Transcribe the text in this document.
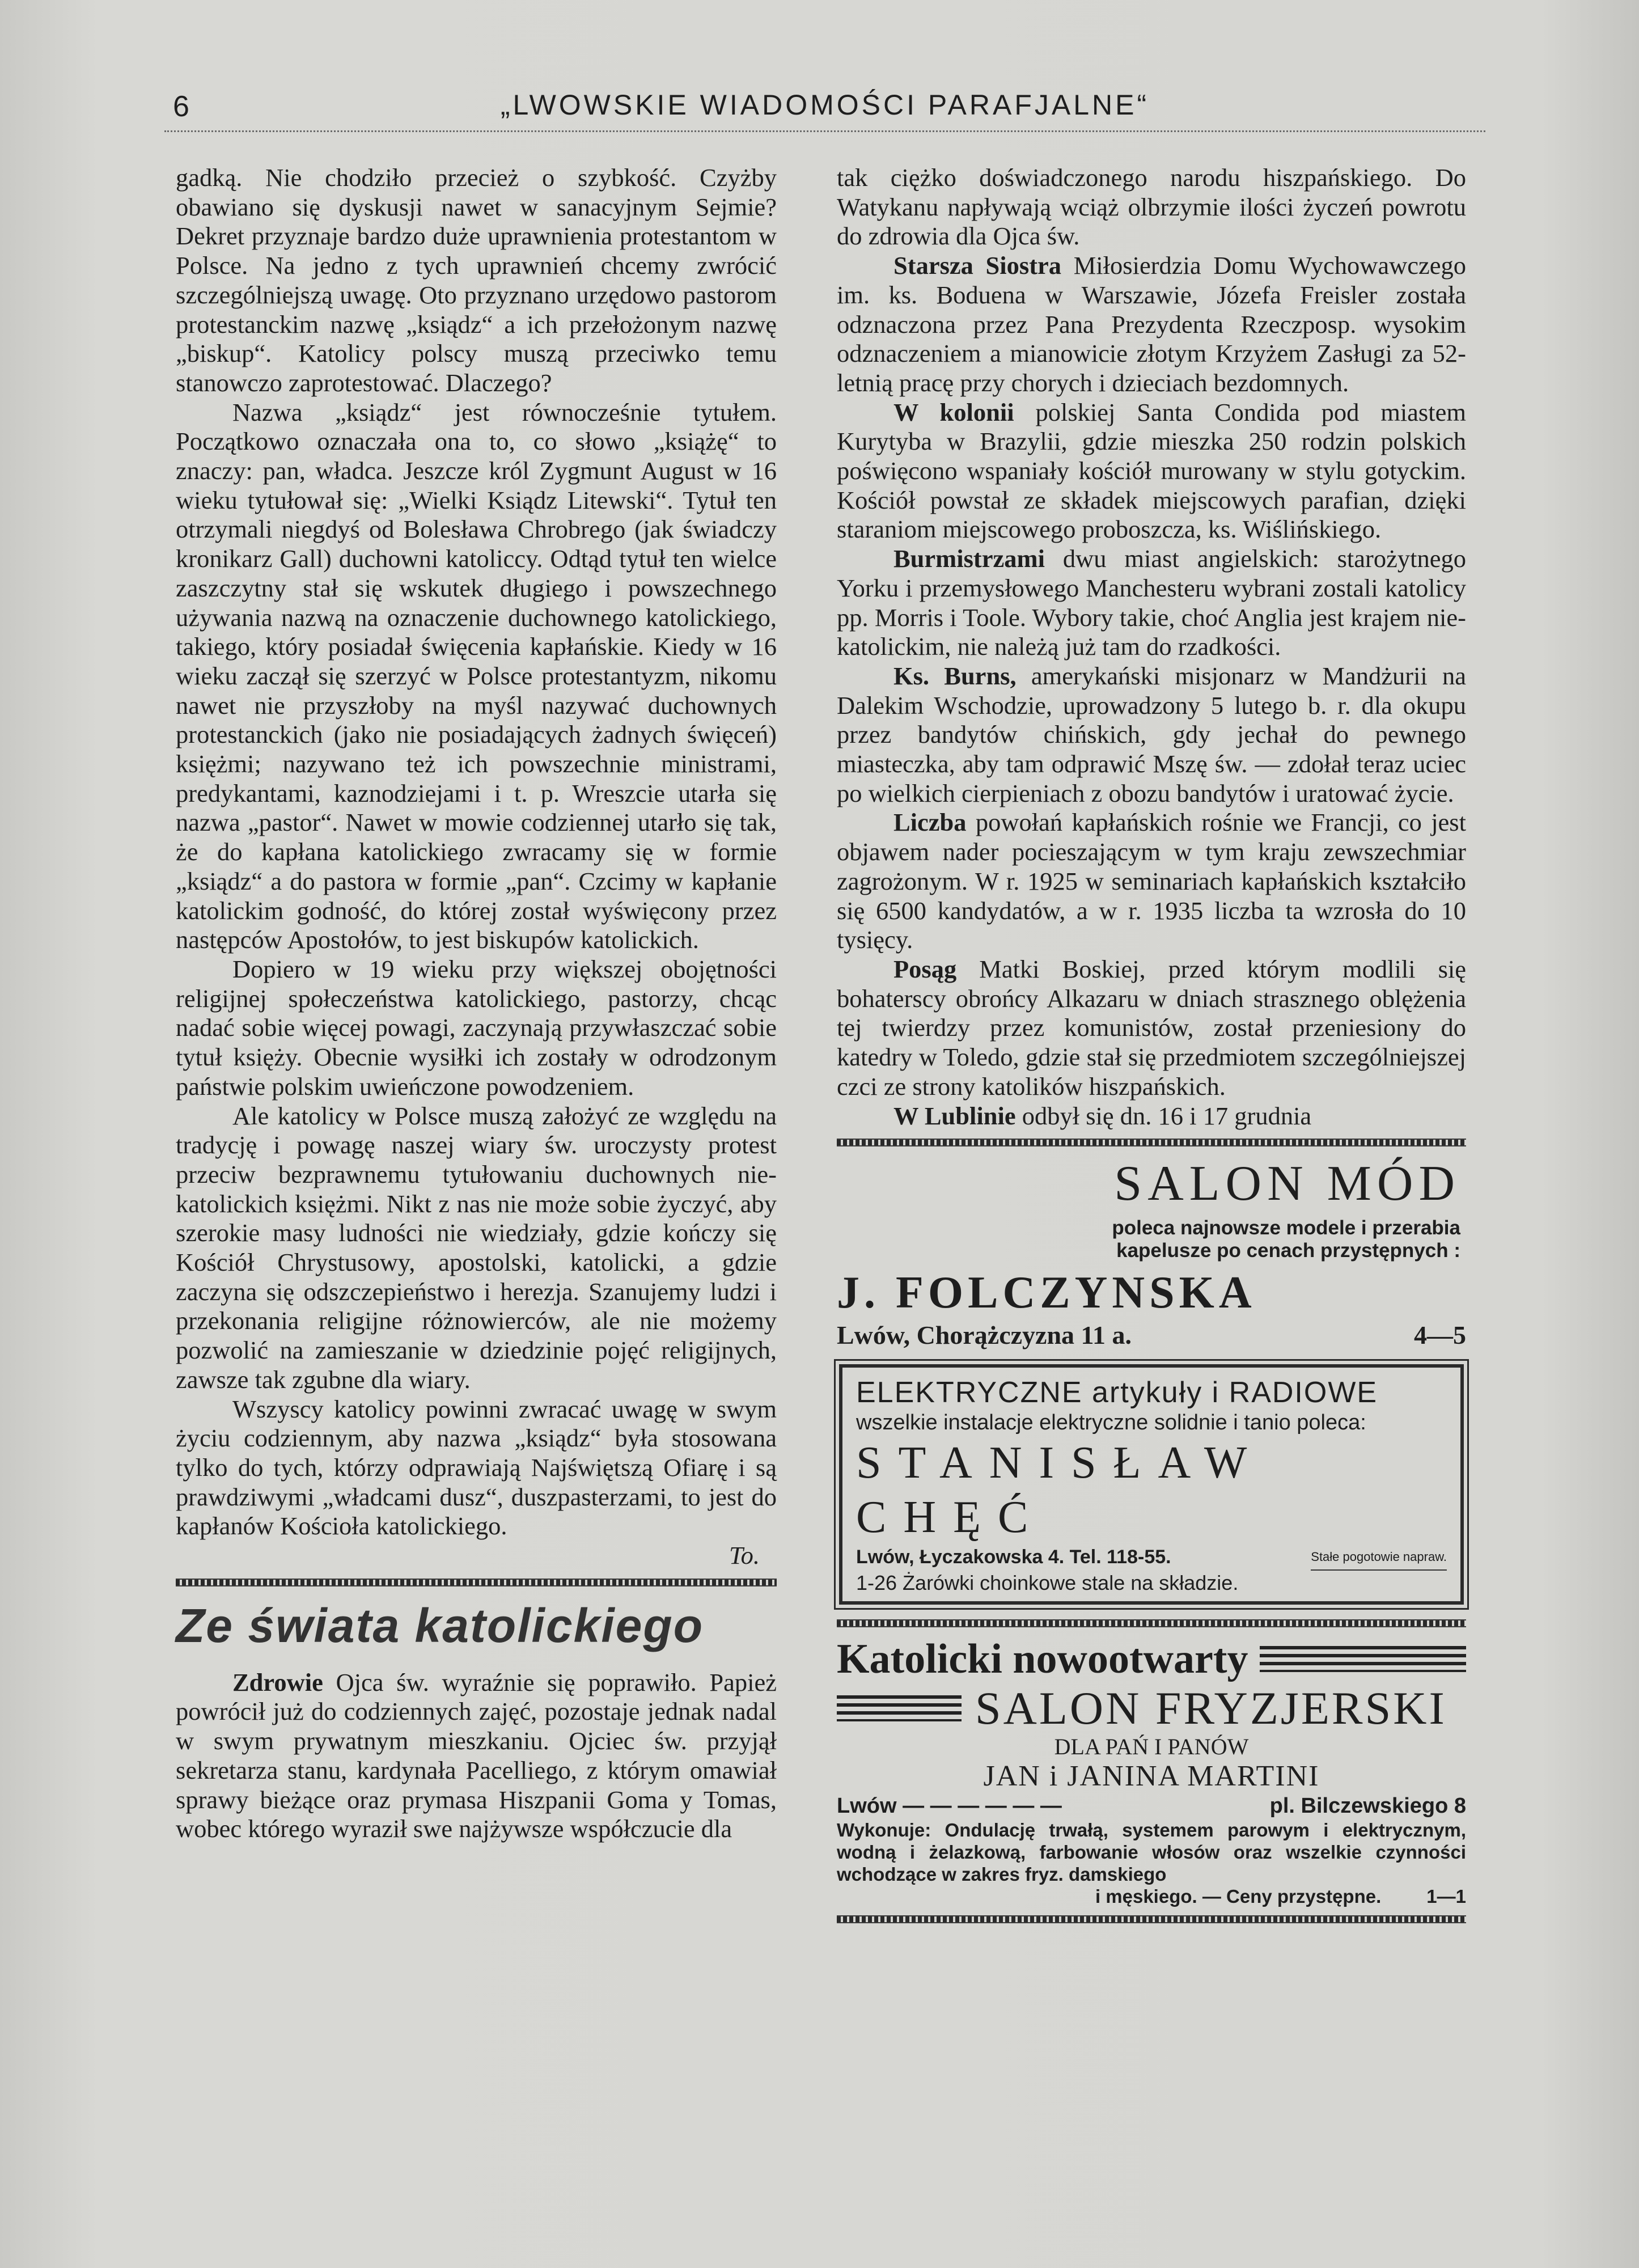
6	„LWOWSKIE WIADOMOŚCI PARAFJALNE“

gadką. Nie chodziło przecież o szybkość. Czyżby obawiano się dyskusji nawet w sanacyjnym Sejmie? Dekret przyznaje bardzo duże uprawnienia protestantom w Polsce. Na jedno z tych uprawnień chcemy zwrócić szczególniejszą uwagę. Oto przyznano urzędowo pastorom protestanckim nazwę „ksiądz“ a ich przełożonym nazwę „biskup“. Katolicy polscy muszą przeciwko temu stanowczo zaprotestować. Dlaczego?

Nazwa „ksiądz“ jest równocześnie tytułem. Początkowo oznaczała ona to, co słowo „książę“ to znaczy: pan, władca. Jeszcze król Zygmunt August w 16 wieku tytułował się: „Wielki Ksiądz Litewski“. Tytuł ten otrzymali niegdyś od Bolesława Chrobrego (jak świadczy kronikarz Gall) duchowni katoliccy. Odtąd tytuł ten wielce zaszczytny stał się wskutek długiego i powszechnego używania nazwą na oznaczenie duchownego katolickiego, takiego, który posiadał święcenia kapłańskie. Kiedy w 16 wieku zaczął się szerzyć w Polsce protestantyzm, nikomu nawet nie przyszłoby na myśl nazywać duchownych protestanckich (jako nie posiadających żadnych święceń) księżmi; nazywano też ich powszechnie ministrami, predykantami, kaznodziejami i t. p. Wreszcie utarła się nazwa „pastor“. Nawet w mowie codziennej utarło się tak, że do kapłana katolickiego zwracamy się w formie „ksiądz“ a do pastora w formie „pan“. Czcimy w kapłanie katolickim godność, do której został wyświęcony przez następców Apostołów, to jest biskupów katolickich.

Dopiero w 19 wieku przy większej obojętności religijnej społeczeństwa katolickiego, pastorzy, chcąc nadać sobie więcej powagi, zaczynają przywłaszczać sobie tytuł księży. Obecnie wysiłki ich zostały w odrodzonym państwie polskim uwieńczone powodzeniem.

Ale katolicy w Polsce muszą założyć ze względu na tradycję i powagę naszej wiary św. uroczysty protest przeciw bezprawnemu tytułowaniu duchownych nie-katolickich księżmi. Nikt z nas nie może sobie życzyć, aby szerokie masy ludności nie wiedziały, gdzie kończy się Kościół Chrystusowy, apostolski, katolicki, a gdzie zaczyna się odszczepieństwo i herezja. Szanujemy ludzi i przekonania religijne różnowierców, ale nie możemy pozwolić na zamieszanie w dziedzinie pojęć religijnych, zawsze tak zgubne dla wiary.

Wszyscy katolicy powinni zwracać uwagę w swym życiu codziennym, aby nazwa „ksiądz“ była stosowana tylko do tych, którzy odprawiają Najświętszą Ofiarę i są prawdziwymi „władcami dusz“, duszpasterzami, to jest do kapłanów Kościoła katolickiego.

To.
Ze świata katolickiego

Zdrowie Ojca św. wyraźnie się poprawiło. Papież powrócił już do codziennych zajęć, pozostaje jednak nadal w swym prywatnym mieszkaniu. Ojciec św. przyjął sekretarza stanu, kardynała Pacelliego, z którym omawiał sprawy bieżące oraz prymasa Hiszpanii Goma y Tomas, wobec którego wyraził swe najżywsze współczucie dla

tak ciężko doświadczonego narodu hiszpańskiego. Do Watykanu napływają wciąż olbrzymie ilości życzeń powrotu do zdrowia dla Ojca św.

Starsza Siostra Miłosierdzia Domu Wychowawczego im. ks. Boduena w Warszawie, Józefa Freisler została odznaczona przez Pana Prezydenta Rzeczposp. wysokim odznaczeniem a mianowicie złotym Krzyżem Zasługi za 52-letnią pracę przy chorych i dzieciach bezdomnych.

W kolonii polskiej Santa Condida pod miastem Kurytyba w Brazylii, gdzie mieszka 250 rodzin polskich poświęcono wspaniały kościół murowany w stylu gotyckim. Kościół powstał ze składek miejscowych parafian, dzięki staraniom miejscowego proboszcza, ks. Wiślińskiego.

Burmistrzami dwu miast angielskich: starożytnego Yorku i przemysłowego Manchesteru wybrani zostali katolicy pp. Morris i Toole. Wybory takie, choć Anglia jest krajem nie-katolickim, nie należą już tam do rzadkości.

Ks. Burns, amerykański misjonarz w Mandżurii na Dalekim Wschodzie, uprowadzony 5 lutego b. r. dla okupu przez bandytów chińskich, gdy jechał do pewnego miasteczka, aby tam odprawić Mszę św. — zdołał teraz uciec po wielkich cierpieniach z obozu bandytów i uratować życie.

Liczba powołań kapłańskich rośnie we Francji, co jest objawem nader pocieszającym w tym kraju zewszechmiar zagrożonym. W r. 1925 w seminariach kapłańskich kształciło się 6500 kandydatów, a w r. 1935 liczba ta wzrosła do 10 tysięcy.

Posąg Matki Boskiej, przed którym modlili się bohaterscy obrońcy Alkazaru w dniach strasznego oblężenia tej twierdzy przez komunistów, został przeniesiony do katedry w Toledo, gdzie stał się przedmiotem szczególniejszej czci ze strony katolików hiszpańskich.

W Lublinie odbył się dn. 16 i 17 grudnia

SALON MÓD
poleca najnowsze modele i przerabia
kapelusze po cenach przystępnych :
J. FOLCZYNSKA
Lwów, Chorążczyzna 11 a.	4—5
ELEKTRYCZNE artykuły i RADIOWE
wszelkie instalacje elektryczne solidnie i tanio poleca:
STANISŁAW CHĘĆ
Lwów, Łyczakowska 4. Tel. 118-55.	Stałe pogotowie napraw.
1-26 Żarówki choinkowe stale na składzie.
Katolicki nowootwarty
SALON FRYZJERSKI
DLA PAŃ I PANÓW
JAN i JANINA MARTINI
Lwów — — — — — —	pl. Bilczewskiego 8
Wykonuje: Ondulację trwałą, systemem parowym i elektrycznym, wodną i żelazkową, farbowanie włosów oraz wszelkie czynności wchodzące w zakres fryz. damskiego
i męskiego. — Ceny przystępne. 1—1
